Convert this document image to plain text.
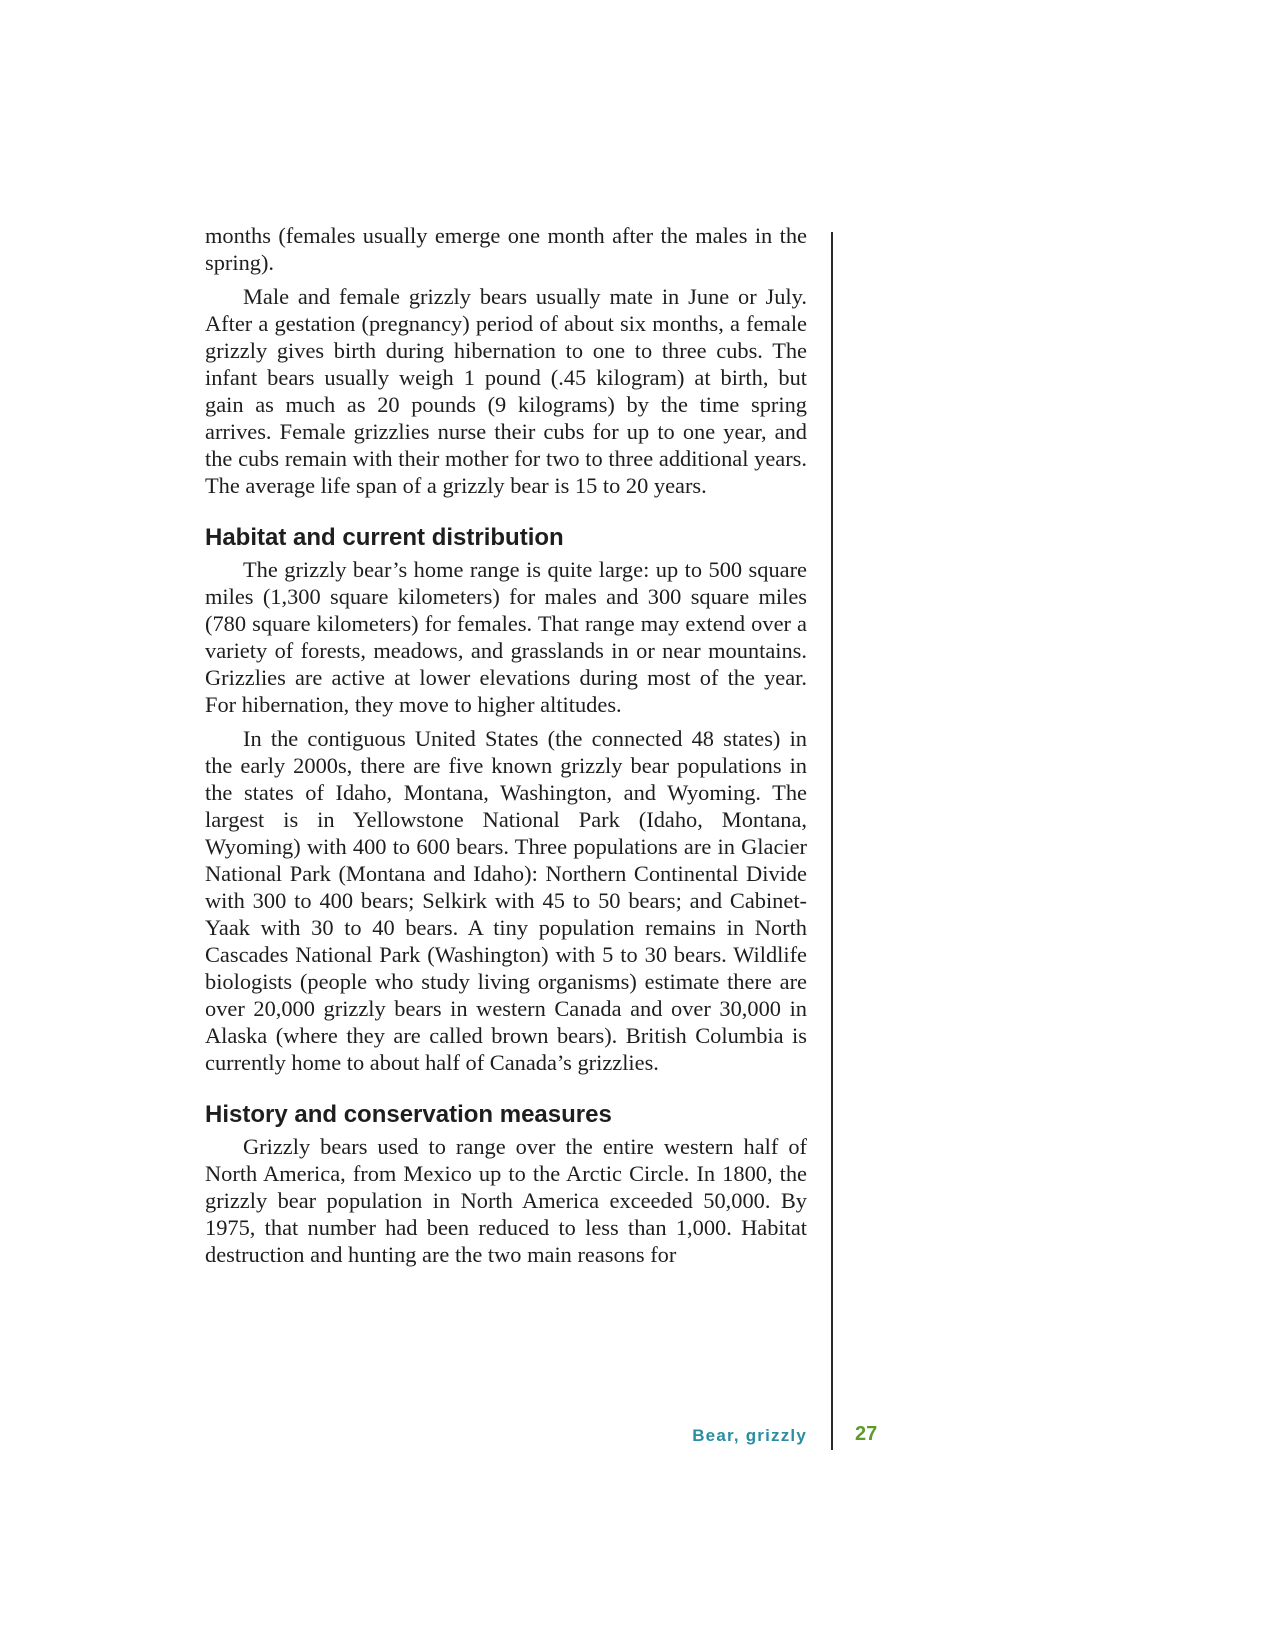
months (females usually emerge one month after the males in the spring).

Male and female grizzly bears usually mate in June or July. After a gestation (pregnancy) period of about six months, a female grizzly gives birth during hibernation to one to three cubs. The infant bears usually weigh 1 pound (.45 kilogram) at birth, but gain as much as 20 pounds (9 kilograms) by the time spring arrives. Female grizzlies nurse their cubs for up to one year, and the cubs remain with their mother for two to three additional years. The average life span of a grizzly bear is 15 to 20 years.

Habitat and current distribution

The grizzly bear’s home range is quite large: up to 500 square miles (1,300 square kilometers) for males and 300 square miles (780 square kilometers) for females. That range may extend over a variety of forests, meadows, and grasslands in or near mountains. Grizzlies are active at lower elevations during most of the year. For hibernation, they move to higher altitudes.

In the contiguous United States (the connected 48 states) in the early 2000s, there are five known grizzly bear populations in the states of Idaho, Montana, Washington, and Wyoming. The largest is in Yellowstone National Park (Idaho, Montana, Wyoming) with 400 to 600 bears. Three populations are in Glacier National Park (Montana and Idaho): Northern Continental Divide with 300 to 400 bears; Selkirk with 45 to 50 bears; and Cabinet-Yaak with 30 to 40 bears. A tiny population remains in North Cascades National Park (Washington) with 5 to 30 bears. Wildlife biologists (people who study living organisms) estimate there are over 20,000 grizzly bears in western Canada and over 30,000 in Alaska (where they are called brown bears). British Columbia is currently home to about half of Canada’s grizzlies.

History and conservation measures

Grizzly bears used to range over the entire western half of North America, from Mexico up to the Arctic Circle. In 1800, the grizzly bear population in North America exceeded 50,000. By 1975, that number had been reduced to less than 1,000. Habitat destruction and hunting are the two main reasons for

Bear, grizzly 27
